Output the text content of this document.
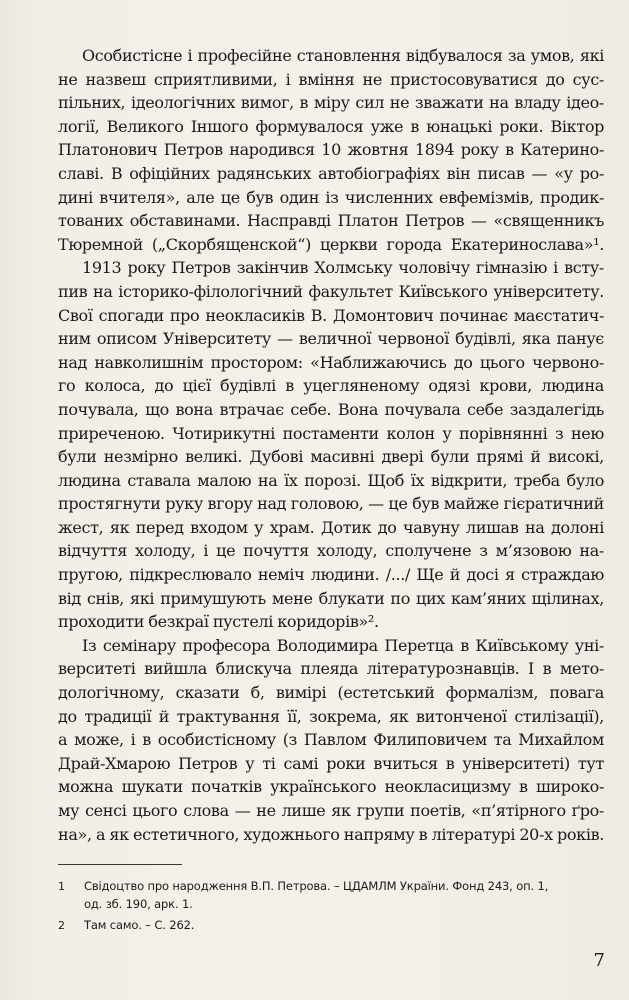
Особистісне і професійне становлення відбувалося за умов, які
не назвеш сприятливими, і вміння не пристосовуватися до сус-
пільних, ідеологічних вимог, в міру сил не зважати на владу ідео-
логії, Великого Іншого формувалося уже в юнацькі роки. Віктор
Платонович Петров народився 10 жовтня 1894 року в Катерино-
славі. В офіційних радянських автобіографіях він писав — «у ро-
дині вчителя», але це був один із численних евфемізмів, продик-
тованих обставинами. Насправді Платон Петров — «священникъ
Тюремной („Скорбященской“) церкви города Екатеринослава»¹.
1913 року Петров закінчив Холмську чоловічу гімназію і всту-
пив на історико-філологічний факультет Київського університету.
Свої спогади про неокласиків В. Домонтович починає маєстатич-
ним описом Університету — величної червоної будівлі, яка панує
над навколишнім простором: «Наближаючись до цього червоно-
го колоса, до цієї будівлі в уцегляненому одязі крови, людина
почувала, що вона втрачає себе. Вона почувала себе заздалегідь
приреченою. Чотирикутні постаменти колон у порівнянні з нею
були незмірно великі. Дубові масивні двері були прямі й високі,
людина ставала малою на їх порозі. Щоб їх відкрити, треба було
простягнути руку вгору над головою, — це був майже гієратичний
жест, як перед входом у храм. Дотик до чавуну лишав на долоні
відчуття холоду, і це почуття холоду, сполучене з м’язовою на-
пругою, підкреслювало неміч людини. /.../ Ще й досі я страждаю
від снів, які примушують мене блукати по цих кам’яних щілинах,
проходити безкраї пустелі коридорів»².
Із семінару професора Володимира Перетца в Київському уні-
верситеті вийшла блискуча плеяда літературознавців. І в мето-
дологічному, сказати б, вимірі (естетський формалізм, повага
до традиції й трактування її, зокрема, як витонченої стилізації),
а може, і в особистісному (з Павлом Филиповичем та Михайлом
Драй-Хмарою Петров у ті самі роки вчиться в університеті) тут
можна шукати початків українського неокласицизму в широко-
му сенсі цього слова — не лише як групи поетів, «п’ятірного ґро-
на», а як естетичного, художнього напряму в літературі 20-х років.
1 Свідоцтво про народження В.П. Петрова. – ЦДАМЛМ України. Фонд 243, оп. 1,
од. зб. 190, арк. 1.
2 Там само. – С. 262.
7
